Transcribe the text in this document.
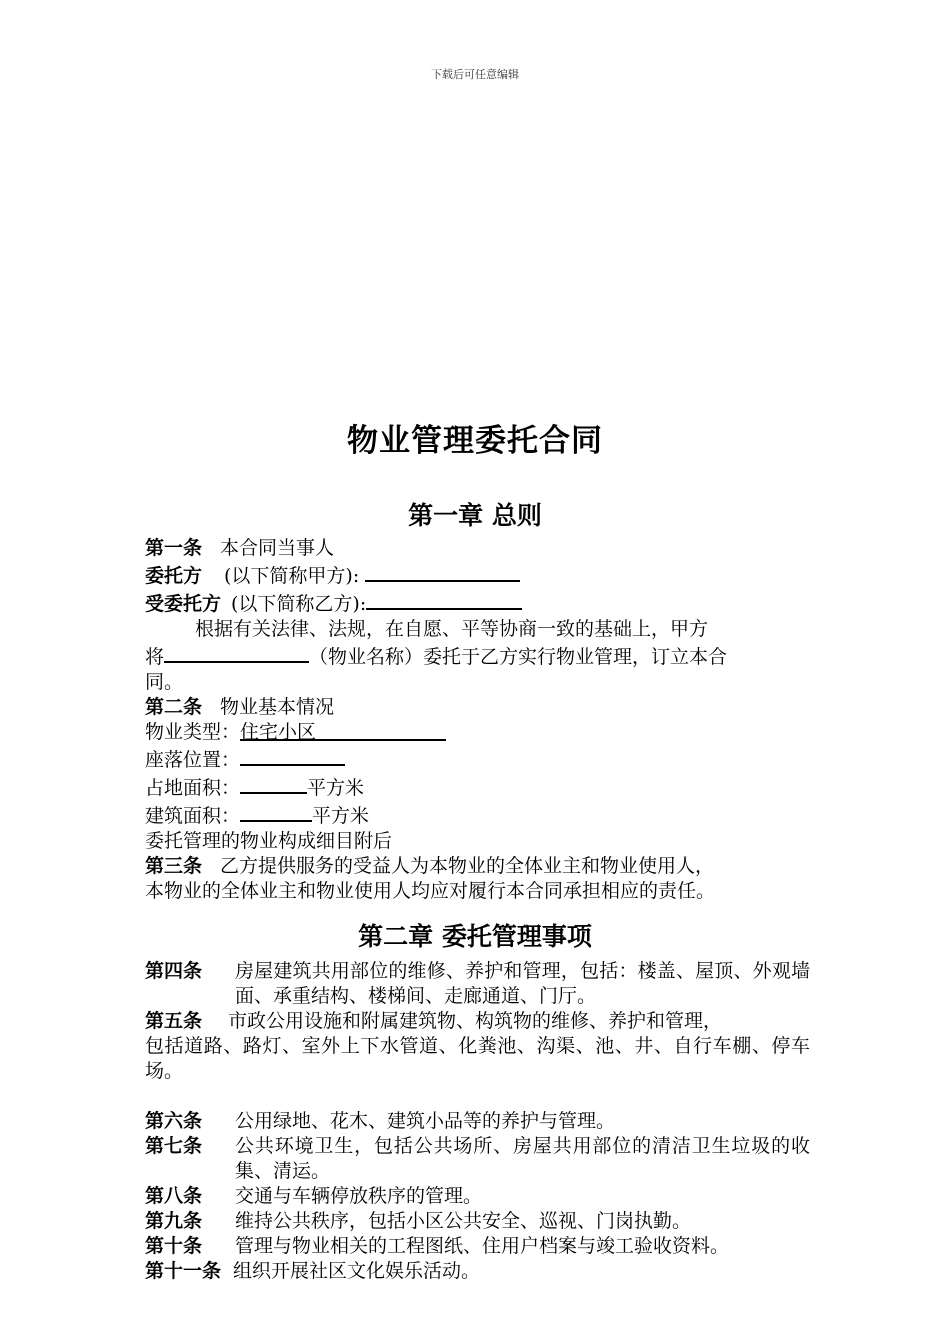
下载后可任意编辑
物业管理委托合同
第一章 总则
第一条 本合同当事人
委托方 (以下简称甲方):
受委托方 (以下简称乙方):
根据有关法律、法规，在自愿、平等协商一致的基础上，甲方
将	（物业名称）委托于乙方实行物业管理，订立本合
同。
第二条 物业基本情况
物业类型：住宅小区
座落位置：
占地面积：	平方米
建筑面积：	平方米
委托管理的物业构成细目附后
第三条 乙方提供服务的受益人为本物业的全体业主和物业使用人，
本物业的全体业主和物业使用人均应对履行本合同承担相应的责任。
第二章 委托管理事项
第四条	房屋建筑共用部位的维修、养护和管理，包括：楼盖、屋顶、外观墙面、承重结构、楼梯间、走廊通道、门厅。
第五条 市政公用设施和附属建筑物、构筑物的维修、养护和管理，
包括道路、路灯、室外上下水管道、化粪池、沟渠、池、井、自行车棚、停车场。
第六条	公用绿地、花木、建筑小品等的养护与管理。
第七条	公共环境卫生，包括公共场所、房屋共用部位的清洁卫生垃圾的收集、清运。
第八条	交通与车辆停放秩序的管理。
第九条	维持公共秩序，包括小区公共安全、巡视、门岗执勤。
第十条	管理与物业相关的工程图纸、住用户档案与竣工验收资料。
第十一条 组织开展社区文化娱乐活动。
